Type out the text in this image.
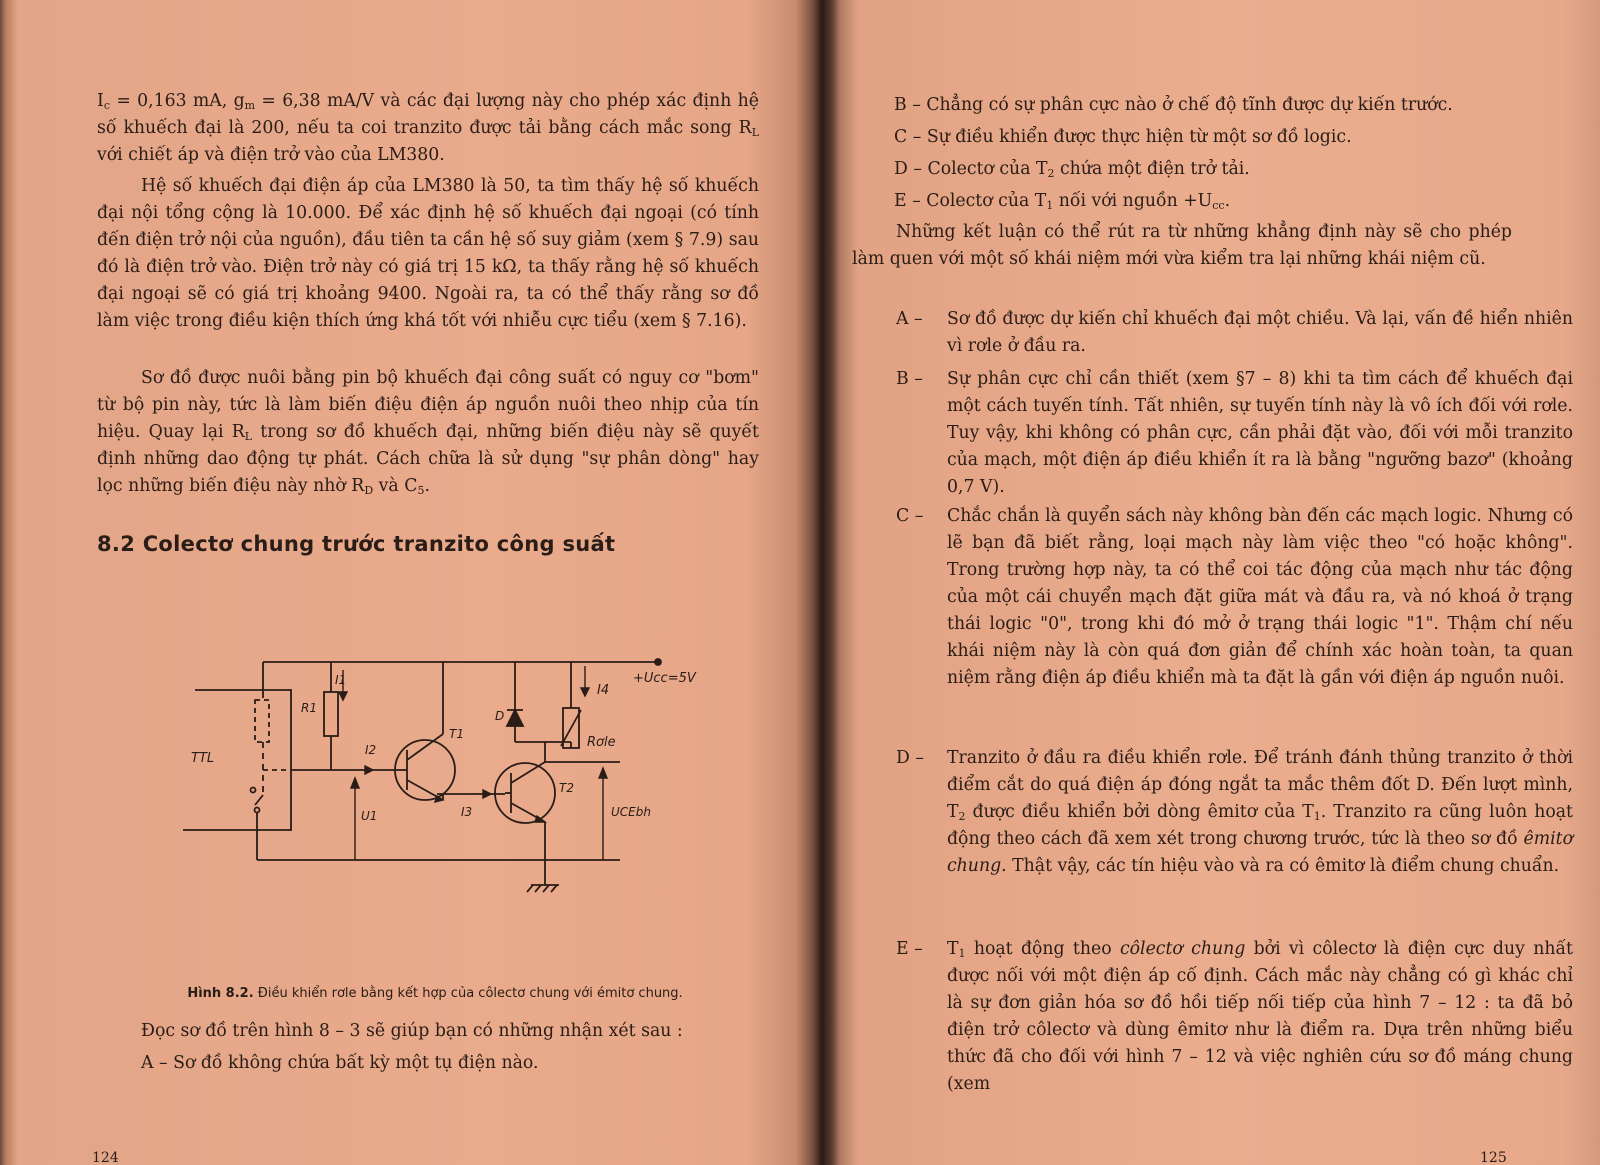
$I_c = 0,163$ mA, $g_m = 6,38$ mA/V và các đại lượng này cho phép xác định hệ số khuếch đại là 200, nếu ta coi tranzito được tải bằng cách mắc song $R_L$ với chiết áp và điện trở vào của LM380.
Hệ số khuếch đại điện áp của LM380 là 50, ta tìm thấy hệ số khuếch đại nội tổng cộng là 10.000. Để xác định hệ số khuếch đại ngoại (có tính đến điện trở nội của nguồn), đầu tiên ta cần hệ số suy giảm (xem § 7.9) sau đó là điện trở vào. Điện trở này có giá trị 15 kΩ, ta thấy rằng hệ số khuếch đại ngoại sẽ có giá trị khoảng 9400. Ngoài ra, ta có thể thấy rằng sơ đồ làm việc trong điều kiện thích ứng khá tốt với nhiễu cực tiểu (xem § 7.16).
Sơ đồ được nuôi bằng pin bộ khuếch đại công suất có nguy cơ "bơm" từ bộ pin này, tức là làm biến điệu điện áp nguồn nuôi theo nhịp của tín hiệu. Quay lại $R_L$ trong sơ đồ khuếch đại, những biến điệu này sẽ quyết định những dao động tự phát. Cách chữa là sử dụng "sự phân dòng" hay lọc những biến điệu này nhờ $R_D$ và $C_5$.
8.2 Colectơ chung trước tranzito công suất
+Ucc=5V
TTL
I1
R1
I2
T1
I3
D
I4
Rơle
T2
U1	UCEbh
Hình 8.2. Điều khiển rơle bằng kết hợp của côlectơ chung với émitơ chung.
Đọc sơ đồ trên hình 8 – 3 sẽ giúp bạn có những nhận xét sau :
A – Sơ đồ không chứa bất kỳ một tụ điện nào.
124
B – Chẳng có sự phân cực nào ở chế độ tĩnh được dự kiến trước.
C – Sự điều khiển được thực hiện từ một sơ đồ logic.
D – Colectơ của $T_2$ chứa một điện trở tải.
E – Colectơ của $T_1$ nối với nguồn $+U_{cc}$.
Những kết luận có thể rút ra từ những khẳng định này sẽ cho phép làm quen với một số khái niệm mới vừa kiểm tra lại những khái niệm cũ.
A – Sơ đồ được dự kiến chỉ khuếch đại một chiều. Và lại, vấn đề hiển nhiên vì rơle ở đầu ra.
B – Sự phân cực chỉ cần thiết (xem §7 – 8) khi ta tìm cách để khuếch đại một cách tuyến tính. Tất nhiên, sự tuyến tính này là vô ích đối với rơle. Tuy vậy, khi không có phân cực, cần phải đặt vào, đối với mỗi tranzito của mạch, một điện áp điều khiển ít ra là bằng "ngưỡng bazơ" (khoảng 0,7 V).
C – Chắc chắn là quyển sách này không bàn đến các mạch logic. Nhưng có lẽ bạn đã biết rằng, loại mạch này làm việc theo "có hoặc không". Trong trường hợp này, ta có thể coi tác động của mạch như tác động của một cái chuyển mạch đặt giữa mát và đầu ra, và nó khoá ở trạng thái logic "0", trong khi đó mở ở trạng thái logic "1". Thậm chí nếu khái niệm này là còn quá đơn giản để chính xác hoàn toàn, ta quan niệm rằng điện áp điều khiển mà ta đặt là gần với điện áp nguồn nuôi.
D – Tranzito ở đầu ra điều khiển rơle. Để tránh đánh thủng tranzito ở thời điểm cắt do quá điện áp đóng ngắt ta mắc thêm đốt D. Đến lượt mình, $T_2$ được điều khiển bởi dòng êmitơ của $T_1$. Tranzito ra cũng luôn hoạt động theo cách đã xem xét trong chương trước, tức là theo sơ đồ êmitơ chung. Thật vậy, các tín hiệu vào và ra có êmitơ là điểm chung chuẩn.
E – $T_1$ hoạt động theo côlectơ chung bởi vì côlectơ là điện cực duy nhất được nối với một điện áp cố định. Cách mắc này chẳng có gì khác chỉ là sự đơn giản hóa sơ đồ hồi tiếp nối tiếp của hình 7 – 12 : ta đã bỏ điện trở côlectơ và dùng êmitơ như là điểm ra. Dựa trên những biểu thức đã cho đối với hình 7 – 12 và việc nghiên cứu sơ đồ máng chung (xem
125
